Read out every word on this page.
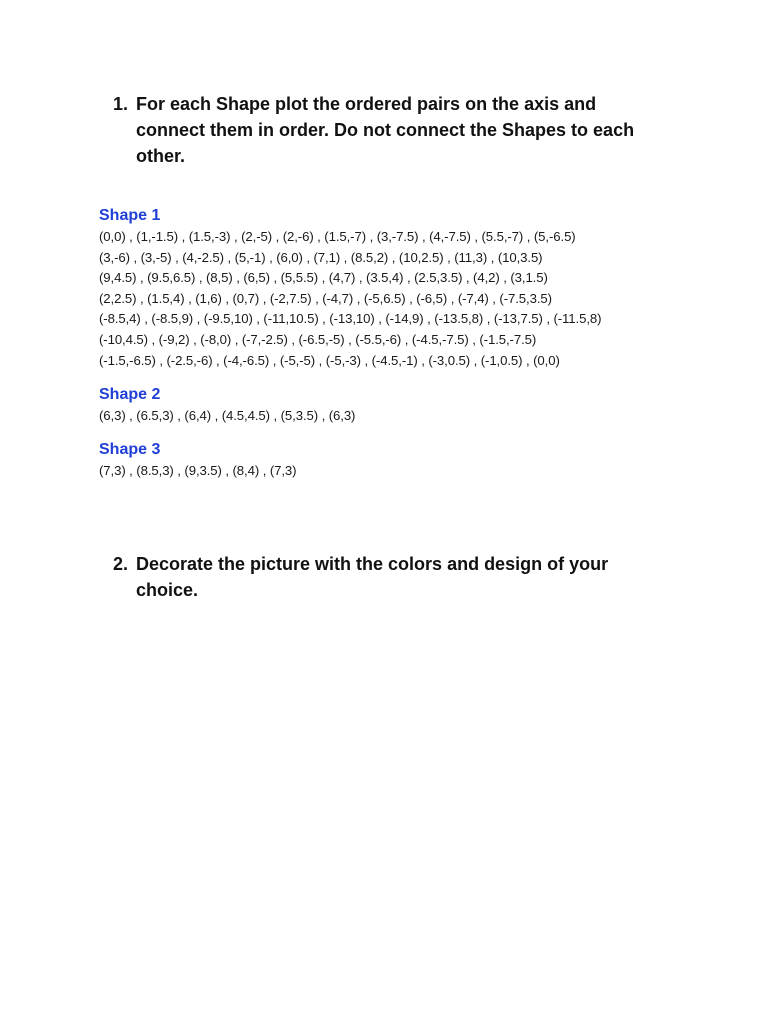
1. For each Shape plot the ordered pairs on the axis and
connect them in order. Do not connect the Shapes to each
other.
Shape 1
(0,0) , (1,-1.5) , (1.5,-3) , (2,-5) , (2,-6) , (1.5,-7) , (3,-7.5) , (4,-7.5) , (5.5,-7) , (5,-6.5)
(3,-6) , (3,-5) , (4,-2.5) , (5,-1) , (6,0) , (7,1) , (8.5,2) , (10,2.5) , (11,3) , (10,3.5)
(9,4.5) , (9.5,6.5) , (8,5) , (6,5) , (5,5.5) , (4,7) , (3.5,4) , (2.5,3.5) , (4,2) , (3,1.5)
(2,2.5) , (1.5,4) , (1,6) , (0,7) , (-2,7.5) , (-4,7) , (-5,6.5) , (-6,5) , (-7,4) , (-7.5,3.5)
(-8.5,4) , (-8.5,9) , (-9.5,10) , (-11,10.5) , (-13,10) , (-14,9) , (-13.5,8) , (-13,7.5) , (-11.5,8)
(-10,4.5) , (-9,2) , (-8,0) , (-7,-2.5) , (-6.5,-5) , (-5.5,-6) , (-4.5,-7.5) , (-1.5,-7.5)
(-1.5,-6.5) , (-2.5,-6) , (-4,-6.5) , (-5,-5) , (-5,-3) , (-4.5,-1) , (-3,0.5) , (-1,0.5) , (0,0)
Shape 2
(6,3) , (6.5,3) , (6,4) , (4.5,4.5) , (5,3.5) , (6,3)
Shape 3
(7,3) , (8.5,3) , (9,3.5) , (8,4) , (7,3)
2. Decorate the picture with the colors and design of your
choice.
